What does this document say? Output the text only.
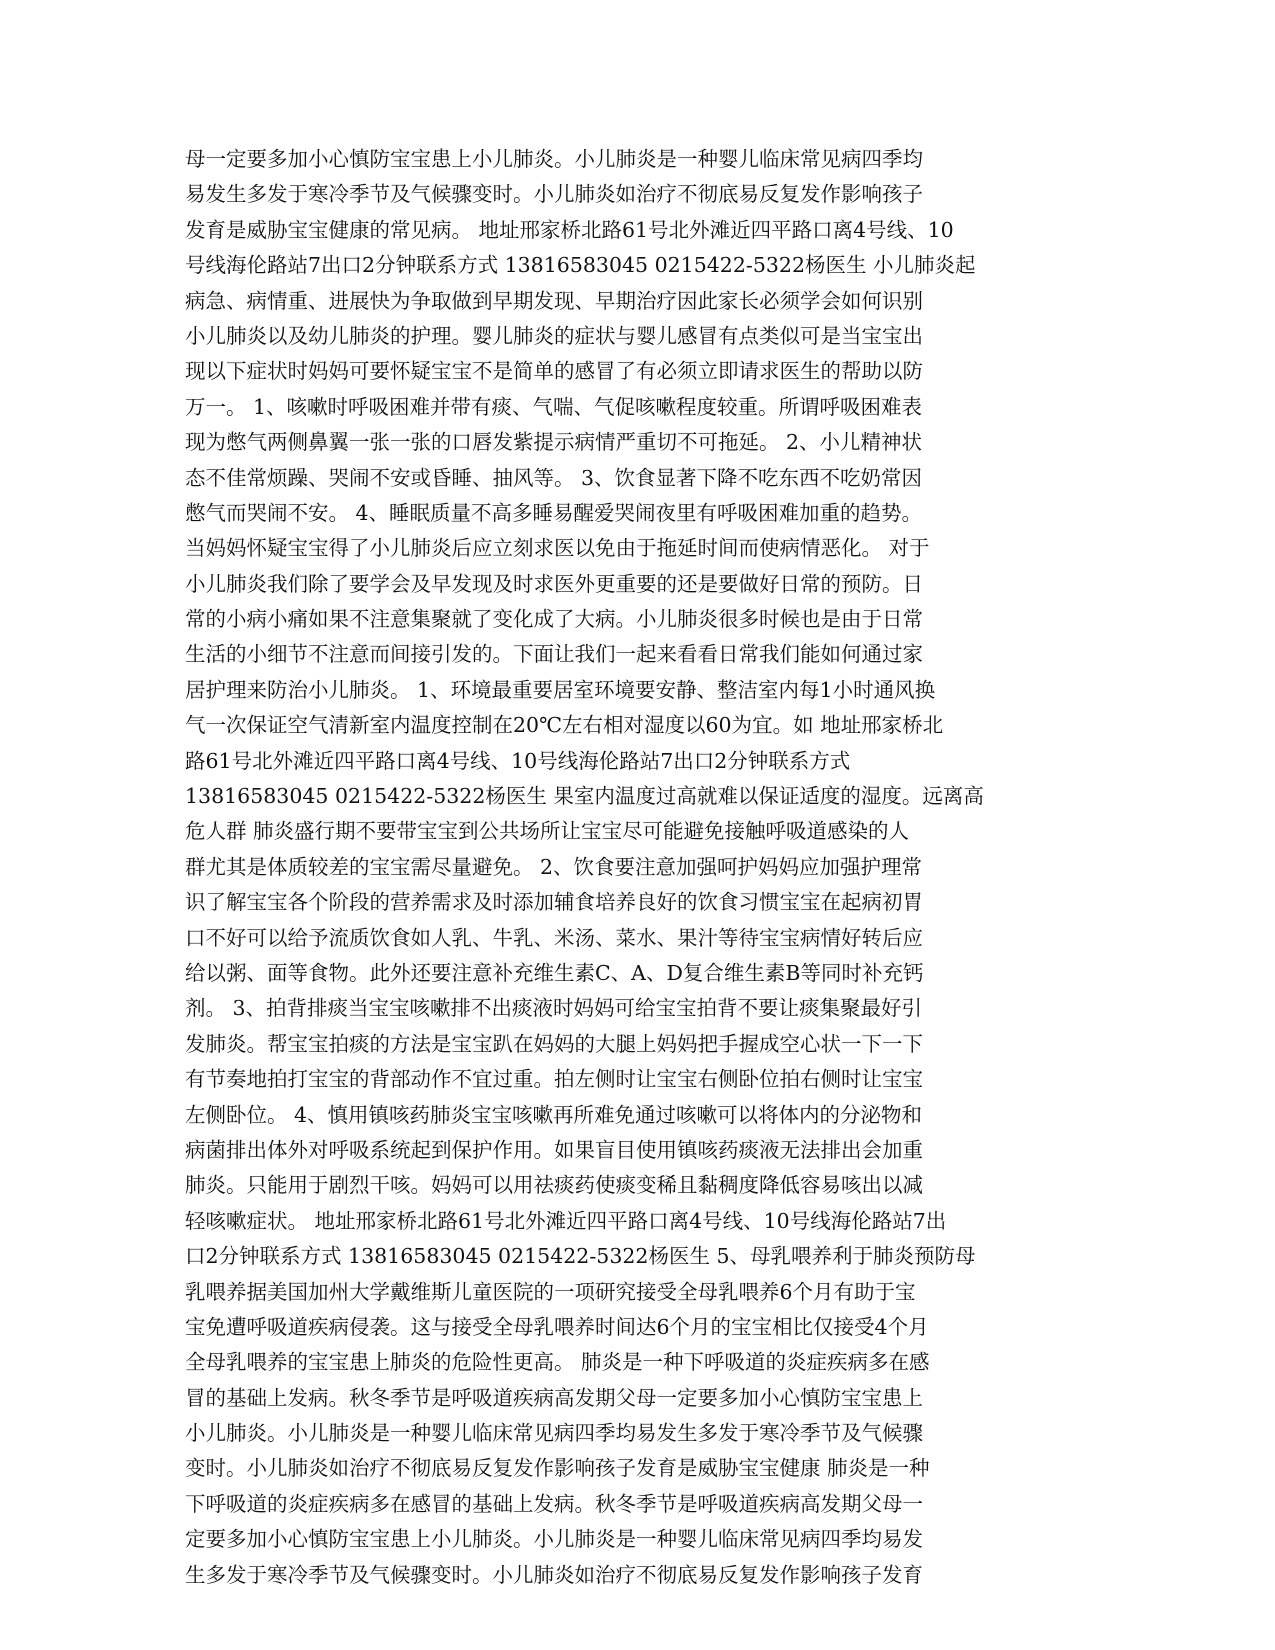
母一定要多加小心慎防宝宝患上小儿肺炎。小儿肺炎是一种婴儿临床常见病四季均
易发生多发于寒冷季节及气候骤变时。小儿肺炎如治疗不彻底易反复发作影响孩子
发育是威胁宝宝健康的常见病。 地址邢家桥北路61号北外滩近四平路口离4号线、10
号线海伦路站7出口2分钟联系方式 13816583045 0215422-5322杨医生 小儿肺炎起
病急、病情重、进展快为争取做到早期发现、早期治疗因此家长必须学会如何识别
小儿肺炎以及幼儿肺炎的护理。婴儿肺炎的症状与婴儿感冒有点类似可是当宝宝出
现以下症状时妈妈可要怀疑宝宝不是简单的感冒了有必须立即请求医生的帮助以防
万一。 1、咳嗽时呼吸困难并带有痰、气喘、气促咳嗽程度较重。所谓呼吸困难表
现为憋气两侧鼻翼一张一张的口唇发紫提示病情严重切不可拖延。 2、小儿精神状
态不佳常烦躁、哭闹不安或昏睡、抽风等。 3、饮食显著下降不吃东西不吃奶常因
憋气而哭闹不安。 4、睡眠质量不高多睡易醒爱哭闹夜里有呼吸困难加重的趋势。
当妈妈怀疑宝宝得了小儿肺炎后应立刻求医以免由于拖延时间而使病情恶化。 对于
小儿肺炎我们除了要学会及早发现及时求医外更重要的还是要做好日常的预防。日
常的小病小痛如果不注意集聚就了变化成了大病。小儿肺炎很多时候也是由于日常
生活的小细节不注意而间接引发的。下面让我们一起来看看日常我们能如何通过家
居护理来防治小儿肺炎。 1、环境最重要居室环境要安静、整洁室内每1小时通风换
气一次保证空气清新室内温度控制在20℃左右相对湿度以60为宜。如 地址邢家桥北
路61号北外滩近四平路口离4号线、10号线海伦路站7出口2分钟联系方式
13816583045 0215422-5322杨医生 果室内温度过高就难以保证适度的湿度。远离高
危人群 肺炎盛行期不要带宝宝到公共场所让宝宝尽可能避免接触呼吸道感染的人
群尤其是体质较差的宝宝需尽量避免。 2、饮食要注意加强呵护妈妈应加强护理常
识了解宝宝各个阶段的营养需求及时添加辅食培养良好的饮食习惯宝宝在起病初胃
口不好可以给予流质饮食如人乳、牛乳、米汤、菜水、果汁等待宝宝病情好转后应
给以粥、面等食物。此外还要注意补充维生素C、A、D复合维生素B等同时补充钙
剂。 3、拍背排痰当宝宝咳嗽排不出痰液时妈妈可给宝宝拍背不要让痰集聚最好引
发肺炎。帮宝宝拍痰的方法是宝宝趴在妈妈的大腿上妈妈把手握成空心状一下一下
有节奏地拍打宝宝的背部动作不宜过重。拍左侧时让宝宝右侧卧位拍右侧时让宝宝
左侧卧位。 4、慎用镇咳药肺炎宝宝咳嗽再所难免通过咳嗽可以将体内的分泌物和
病菌排出体外对呼吸系统起到保护作用。如果盲目使用镇咳药痰液无法排出会加重
肺炎。只能用于剧烈干咳。妈妈可以用祛痰药使痰变稀且黏稠度降低容易咳出以减
轻咳嗽症状。 地址邢家桥北路61号北外滩近四平路口离4号线、10号线海伦路站7出
口2分钟联系方式 13816583045 0215422-5322杨医生 5、母乳喂养利于肺炎预防母
乳喂养据美国加州大学戴维斯儿童医院的一项研究接受全母乳喂养6个月有助于宝
宝免遭呼吸道疾病侵袭。这与接受全母乳喂养时间达6个月的宝宝相比仅接受4个月
全母乳喂养的宝宝患上肺炎的危险性更高。 肺炎是一种下呼吸道的炎症疾病多在感
冒的基础上发病。秋冬季节是呼吸道疾病高发期父母一定要多加小心慎防宝宝患上
小儿肺炎。小儿肺炎是一种婴儿临床常见病四季均易发生多发于寒冷季节及气候骤
变时。小儿肺炎如治疗不彻底易反复发作影响孩子发育是威胁宝宝健康 肺炎是一种
下呼吸道的炎症疾病多在感冒的基础上发病。秋冬季节是呼吸道疾病高发期父母一
定要多加小心慎防宝宝患上小儿肺炎。小儿肺炎是一种婴儿临床常见病四季均易发
生多发于寒冷季节及气候骤变时。小儿肺炎如治疗不彻底易反复发作影响孩子发育
